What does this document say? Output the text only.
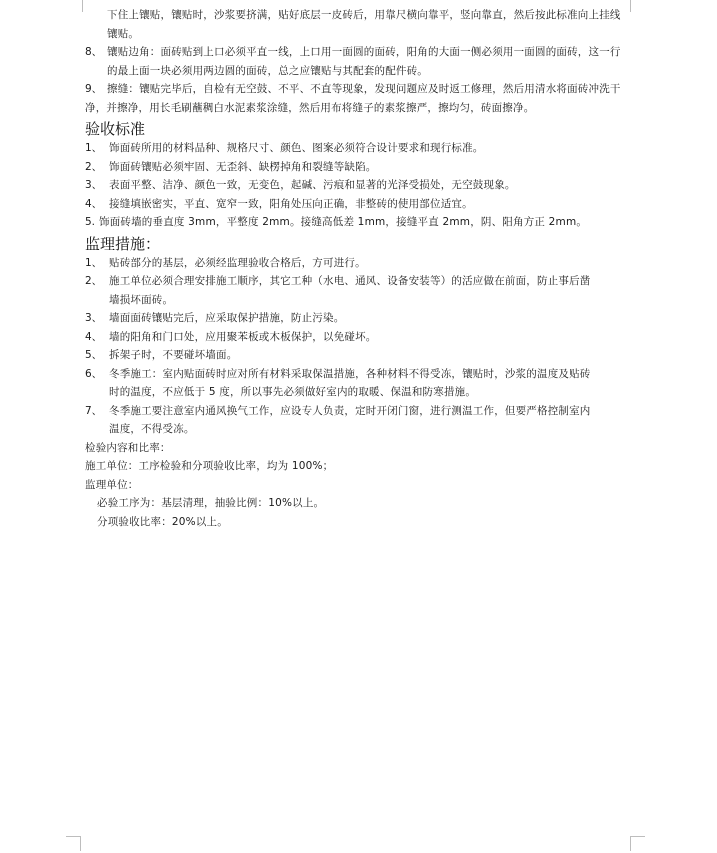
下住上镶贴，镶贴时，沙浆要挤满，贴好底层一皮砖后，用靠尺横向靠平，竖向靠直，然后按此标准向上挂线
镶贴。
8、 镶贴边角：面砖贴到上口必须平直一线，上口用一面圆的面砖，阳角的大面一侧必须用一面圆的面砖，这一行
的最上面一块必须用两边圆的面砖，总之应镶贴与其配套的配件砖。
9、 擦缝：镶贴完毕后，自检有无空鼓、不平、不直等现象，发现问题应及时返工修理，然后用清水将面砖冲洗干
净，并擦净，用长毛刷蘸稠白水泥素浆涂缝，然后用布将缝子的素浆擦严，擦均匀，砖面擦净。
验收标准
1、 饰面砖所用的材料品种、规格尺寸、颜色、图案必须符合设计要求和现行标准。
2、 饰面砖镶贴必须牢固、无歪斜、缺楞掉角和裂缝等缺陷。
3、 表面平整、洁净、颜色一致，无变色，起碱、污痕和显著的光泽受损处，无空鼓现象。
4、 接缝填嵌密实，平直、宽窄一致，阳角处压向正确，非整砖的使用部位适宜。
5. 饰面砖墙的垂直度 3mm，平整度 2mm。接缝高低差 1mm，接缝平直 2mm，阴、阳角方正 2mm。
监理措施：
1、 贴砖部分的基层，必须经监理验收合格后，方可进行。
2、 施工单位必须合理安排施工顺序，其它工种（水电、通风、设备安装等）的活应做在前面，防止事后凿
墙损坏面砖。
3、 墙面面砖镶贴完后，应采取保护措施，防止污染。
4、 墙的阳角和门口处，应用聚苯板或木板保护，以免碰坏。
5、 拆架子时，不要碰坏墙面。
6、 冬季施工：室内贴面砖时应对所有材料采取保温措施，各种材料不得受冻，镶贴时，沙浆的温度及贴砖
时的温度，不应低于 5 度，所以事先必须做好室内的取暖、保温和防寒措施。
7、 冬季施工要注意室内通风换气工作，应设专人负责，定时开闭门窗，进行测温工作，但要严格控制室内
温度，不得受冻。
检验内容和比率：
施工单位：工序检验和分项验收比率，均为 100%；
监理单位：
必验工序为：基层清理，抽验比例：10%以上。
分项验收比率：20%以上。
